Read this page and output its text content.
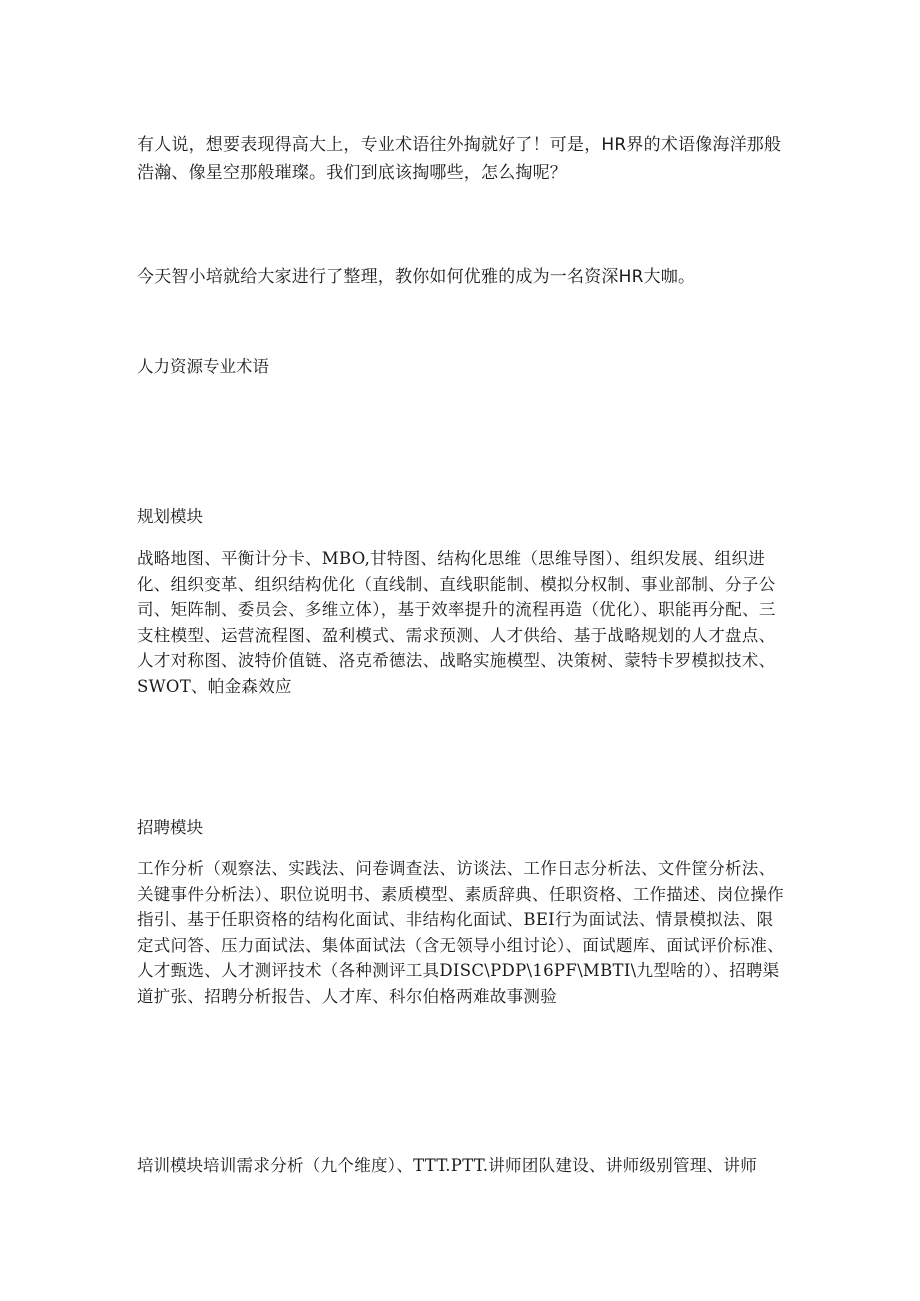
有人说，想要表现得高大上，专业术语往外掏就好了！可是，HR界的术语像海洋那般浩瀚、像星空那般璀璨。我们到底该掏哪些，怎么掏呢？

今天智小培就给大家进行了整理，教你如何优雅的成为一名资深HR大咖。

人力资源专业术语
规划模块

战略地图、平衡计分卡、MBO,甘特图、结构化思维（思维导图）、组织发展、组织进化、组织变革、组织结构优化（直线制、直线职能制、模拟分权制、事业部制、分子公司、矩阵制、委员会、多维立体），基于效率提升的流程再造（优化）、职能再分配、三支柱模型、运营流程图、盈利模式、需求预测、人才供给、基于战略规划的人才盘点、人才对称图、波特价值链、洛克希德法、战略实施模型、决策树、蒙特卡罗模拟技术、SWOT、帕金森效应

招聘模块

工作分析（观察法、实践法、问卷调查法、访谈法、工作日志分析法、文件筐分析法、关键事件分析法）、职位说明书、素质模型、素质辞典、任职资格、工作描述、岗位操作指引、基于任职资格的结构化面试、非结构化面试、BEI行为面试法、情景模拟法、限定式问答、压力面试法、集体面试法（含无领导小组讨论）、面试题库、面试评价标准、人才甄选、人才测评技术（各种测评工具DISC\PDP\16PF\MBTI\九型啥的）、招聘渠道扩张、招聘分析报告、人才库、科尔伯格两难故事测验

培训模块培训需求分析（九个维度）、TTT.PTT.讲师团队建设、讲师级别管理、讲师
